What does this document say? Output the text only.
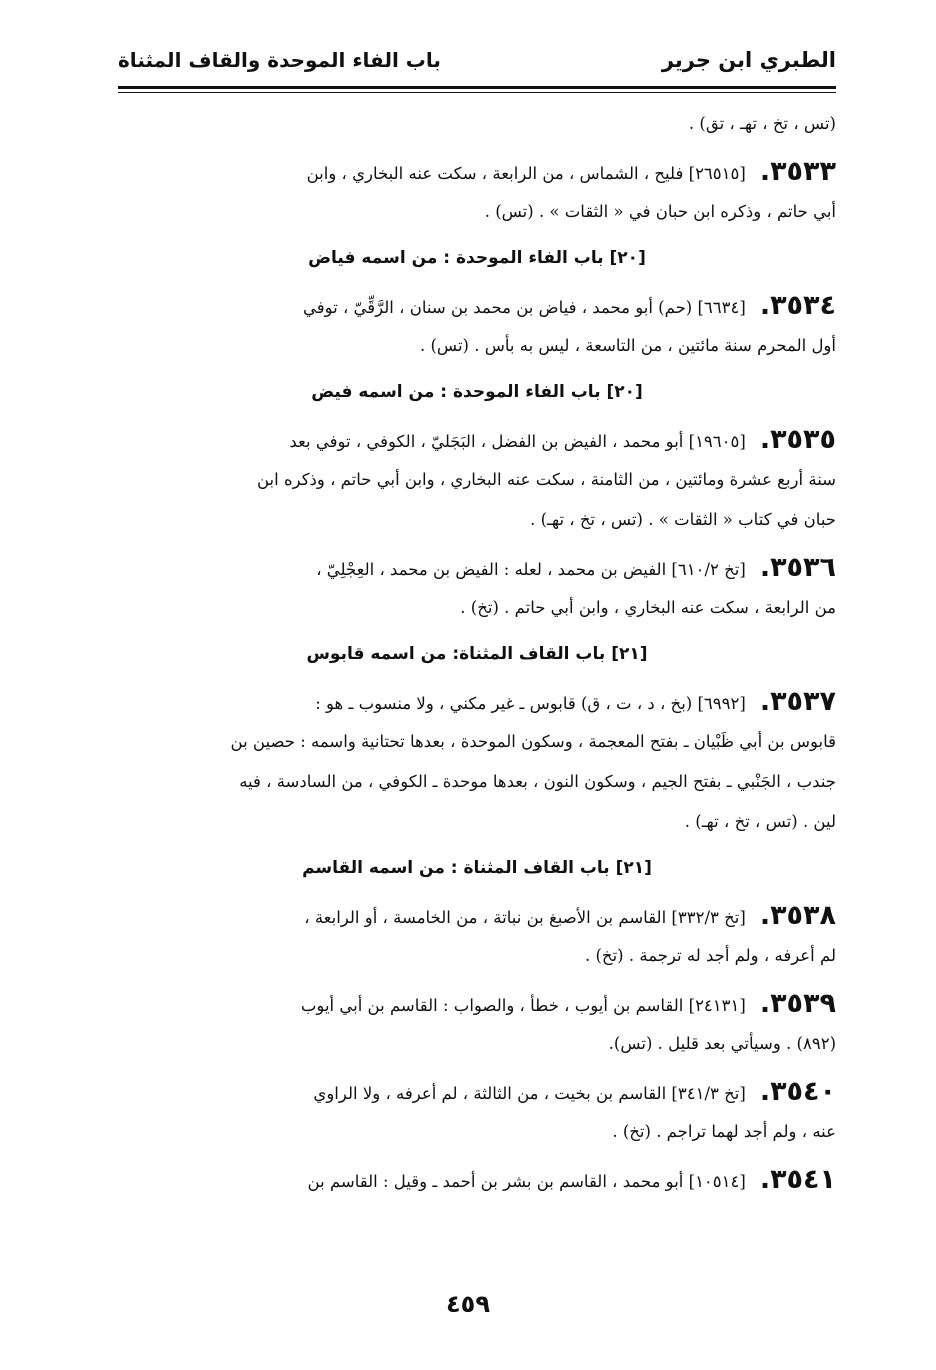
الطبري ابن جرير
باب الفاء الموحدة والقاف المثناة
(تس ، تخ ، تهـ ، تق) .
٣٥٣٣.[٢٦٥١٥] فليح ، الشماس ، من الرابعة ، سكت عنه البخاري ، وابن
أبي حاتم ، وذكره ابن حبان في « الثقات » . (تس) .
[٢٠] باب الفاء الموحدة : من اسمه فياض
٣٥٣٤.[٦٦٣٤] (حم) أبو محمد ، فياض بن محمد بن سنان ، الرَّقِّيّ ، توفي
أول المحرم سنة مائتين ، من التاسعة ، ليس به بأس . (تس) .
[٢٠] باب الفاء الموحدة : من اسمه فيض
٣٥٣٥.[١٩٦٠٥] أبو محمد ، الفيض بن الفضل ، البَجَليّ ، الكوفي ، توفي بعد
سنة أربع عشرة ومائتين ، من الثامنة ، سكت عنه البخاري ، وابن أبي حاتم ، وذكره ابن
حبان في كتاب « الثقات » . (تس ، تخ ، تهـ) .
٣٥٣٦.[تخ ٦١٠/٢] الفيض بن محمد ، لعله : الفيض بن محمد ، العِجْلِيّ ،
من الرابعة ، سكت عنه البخاري ، وابن أبي حاتم . (تخ) .
[٢١] باب القاف المثناة: من اسمه قابوس
٣٥٣٧.[٦٩٩٢] (بخ ، د ، ت ، ق) قابوس ـ غير مكني ، ولا منسوب ـ هو :
قابوس بن أبي ظَبْيان ـ بفتح المعجمة ، وسكون الموحدة ، بعدها تحتانية واسمه : حصين بن
جندب ، الجَنْبي ـ بفتح الجيم ، وسكون النون ، بعدها موحدة ـ الكوفي ، من السادسة ، فيه
لين . (تس ، تخ ، تهـ) .
[٢١] باب القاف المثناة : من اسمه القاسم
٣٥٣٨.[تخ ٣٣٢/٣] القاسم بن الأصبغ بن نباتة ، من الخامسة ، أو الرابعة ،
لم أعرفه ، ولم أجد له ترجمة . (تخ) .
٣٥٣٩.[٢٤١٣١] القاسم بن أيوب ، خطأ ، والصواب : القاسم بن أبي أيوب
(٨٩٢) . وسيأتي بعد قليل . (تس).
٣٥٤٠.[تخ ٣٤١/٣] القاسم بن بخيت ، من الثالثة ، لم أعرفه ، ولا الراوي
عنه ، ولم أجد لهما تراجم . (تخ) .
٣٥٤١.[١٠٥١٤] أبو محمد ، القاسم بن بشر بن أحمد ـ وقيل : القاسم بن
٤٥٩
